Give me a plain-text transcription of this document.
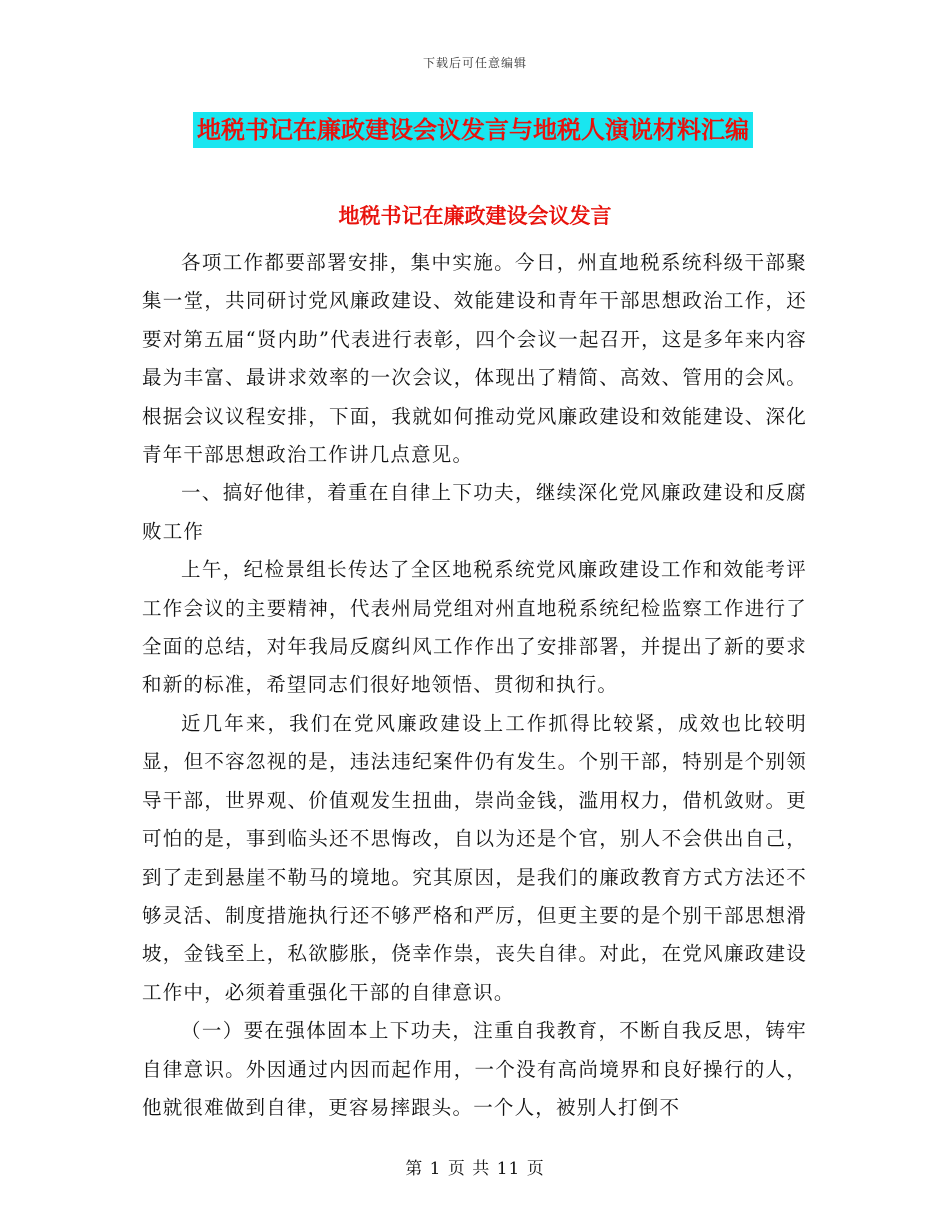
下载后可任意编辑
地税书记在廉政建设会议发言与地税人演说材料汇编
地税书记在廉政建设会议发言

各项工作都要部署安排，集中实施。今日，州直地税系统科级干部聚集一堂，共同研讨党风廉政建设、效能建设和青年干部思想政治工作，还要对第五届“贤内助”代表进行表彰，四个会议一起召开，这是多年来内容最为丰富、最讲求效率的一次会议，体现出了精简、高效、管用的会风。根据会议议程安排，下面，我就如何推动党风廉政建设和效能建设、深化青年干部思想政治工作讲几点意见。

一、搞好他律，着重在自律上下功夫，继续深化党风廉政建设和反腐败工作

上午，纪检景组长传达了全区地税系统党风廉政建设工作和效能考评工作会议的主要精神，代表州局党组对州直地税系统纪检监察工作进行了全面的总结，对年我局反腐纠风工作作出了安排部署，并提出了新的要求和新的标准，希望同志们很好地领悟、贯彻和执行。

近几年来，我们在党风廉政建设上工作抓得比较紧，成效也比较明显，但不容忽视的是，违法违纪案件仍有发生。个别干部，特别是个别领导干部，世界观、价值观发生扭曲，崇尚金钱，滥用权力，借机敛财。更可怕的是，事到临头还不思悔改，自以为还是个官，别人不会供出自己，到了走到悬崖不勒马的境地。究其原因，是我们的廉政教育方式方法还不够灵活、制度措施执行还不够严格和严厉，但更主要的是个别干部思想滑坡，金钱至上，私欲膨胀，侥幸作祟，丧失自律。对此，在党风廉政建设工作中，必须着重强化干部的自律意识。

（一）要在强体固本上下功夫，注重自我教育，不断自我反思，铸牢自律意识。外因通过内因而起作用，一个没有高尚境界和良好操行的人，他就很难做到自律，更容易摔跟头。一个人，被别人打倒不

第 1 页 共 11 页
